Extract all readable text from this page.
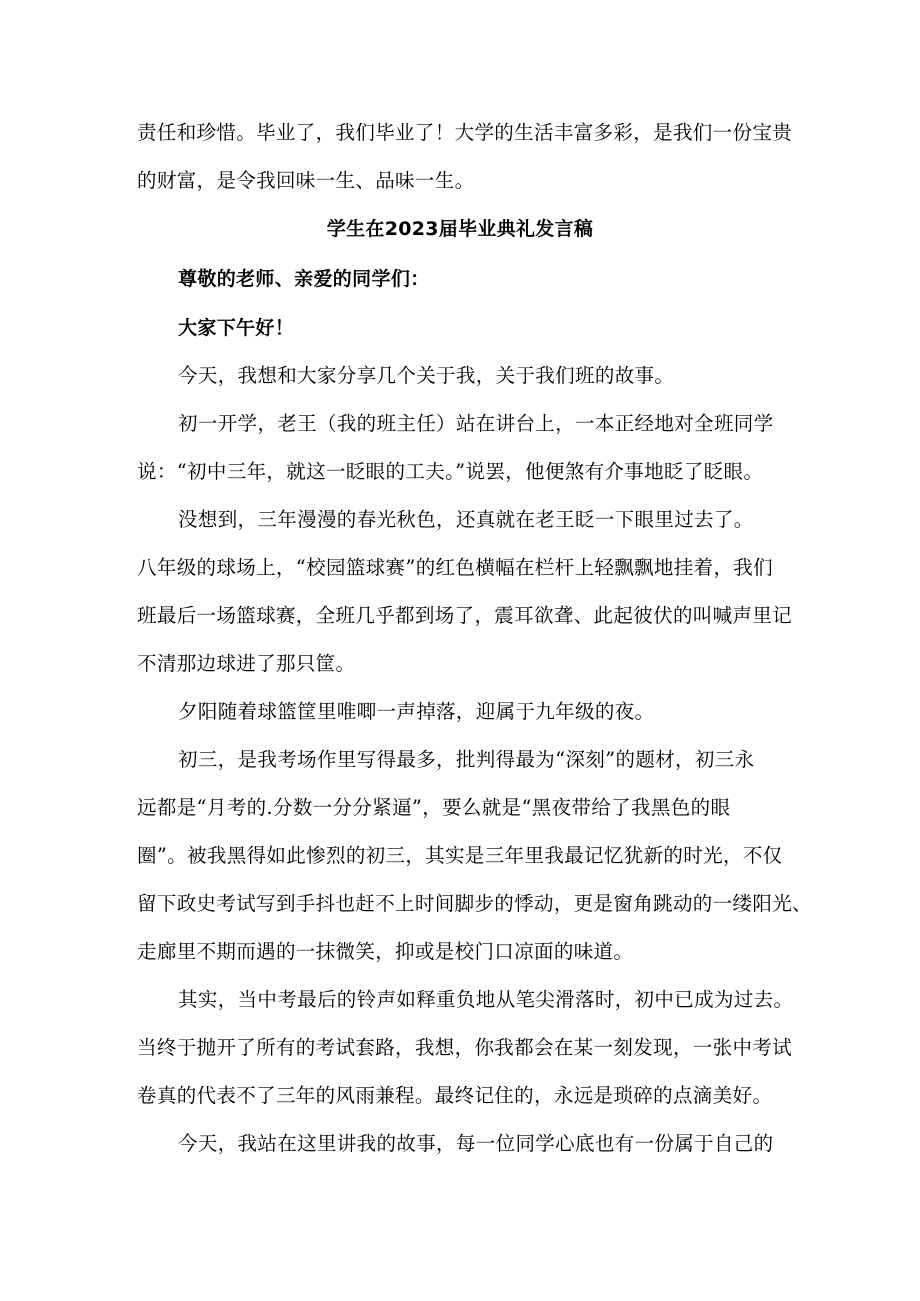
责任和珍惜。毕业了，我们毕业了！大学的生活丰富多彩，是我们一份宝贵
的财富，是令我回味一生、品味一生。
学生在2023届毕业典礼发言稿
尊敬的老师、亲爱的同学们：
大家下午好！
今天，我想和大家分享几个关于我，关于我们班的故事。
初一开学，老王（我的班主任）站在讲台上，一本正经地对全班同学
说：“初中三年，就这一眨眼的工夫。”说罢，他便煞有介事地眨了眨眼。
没想到，三年漫漫的春光秋色，还真就在老王眨一下眼里过去了。
八年级的球场上，“校园篮球赛”的红色横幅在栏杆上轻飘飘地挂着，我们
班最后一场篮球赛，全班几乎都到场了，震耳欲聋、此起彼伏的叫喊声里记
不清那边球进了那只筐。
夕阳随着球篮筐里唯唧一声掉落，迎属于九年级的夜。
初三，是我考场作里写得最多，批判得最为“深刻”的题材，初三永
远都是“月考的.分数一分分紧逼”，要么就是“黑夜带给了我黑色的眼
圈”。被我黑得如此惨烈的初三，其实是三年里我最记忆犹新的时光，不仅
留下政史考试写到手抖也赶不上时间脚步的悸动，更是窗角跳动的一缕阳光、
走廊里不期而遇的一抹微笑，抑或是校门口凉面的味道。
其实，当中考最后的铃声如释重负地从笔尖滑落时，初中已成为过去。
当终于抛开了所有的考试套路，我想，你我都会在某一刻发现，一张中考试
卷真的代表不了三年的风雨兼程。最终记住的，永远是琐碎的点滴美好。
今天，我站在这里讲我的故事，每一位同学心底也有一份属于自己的
